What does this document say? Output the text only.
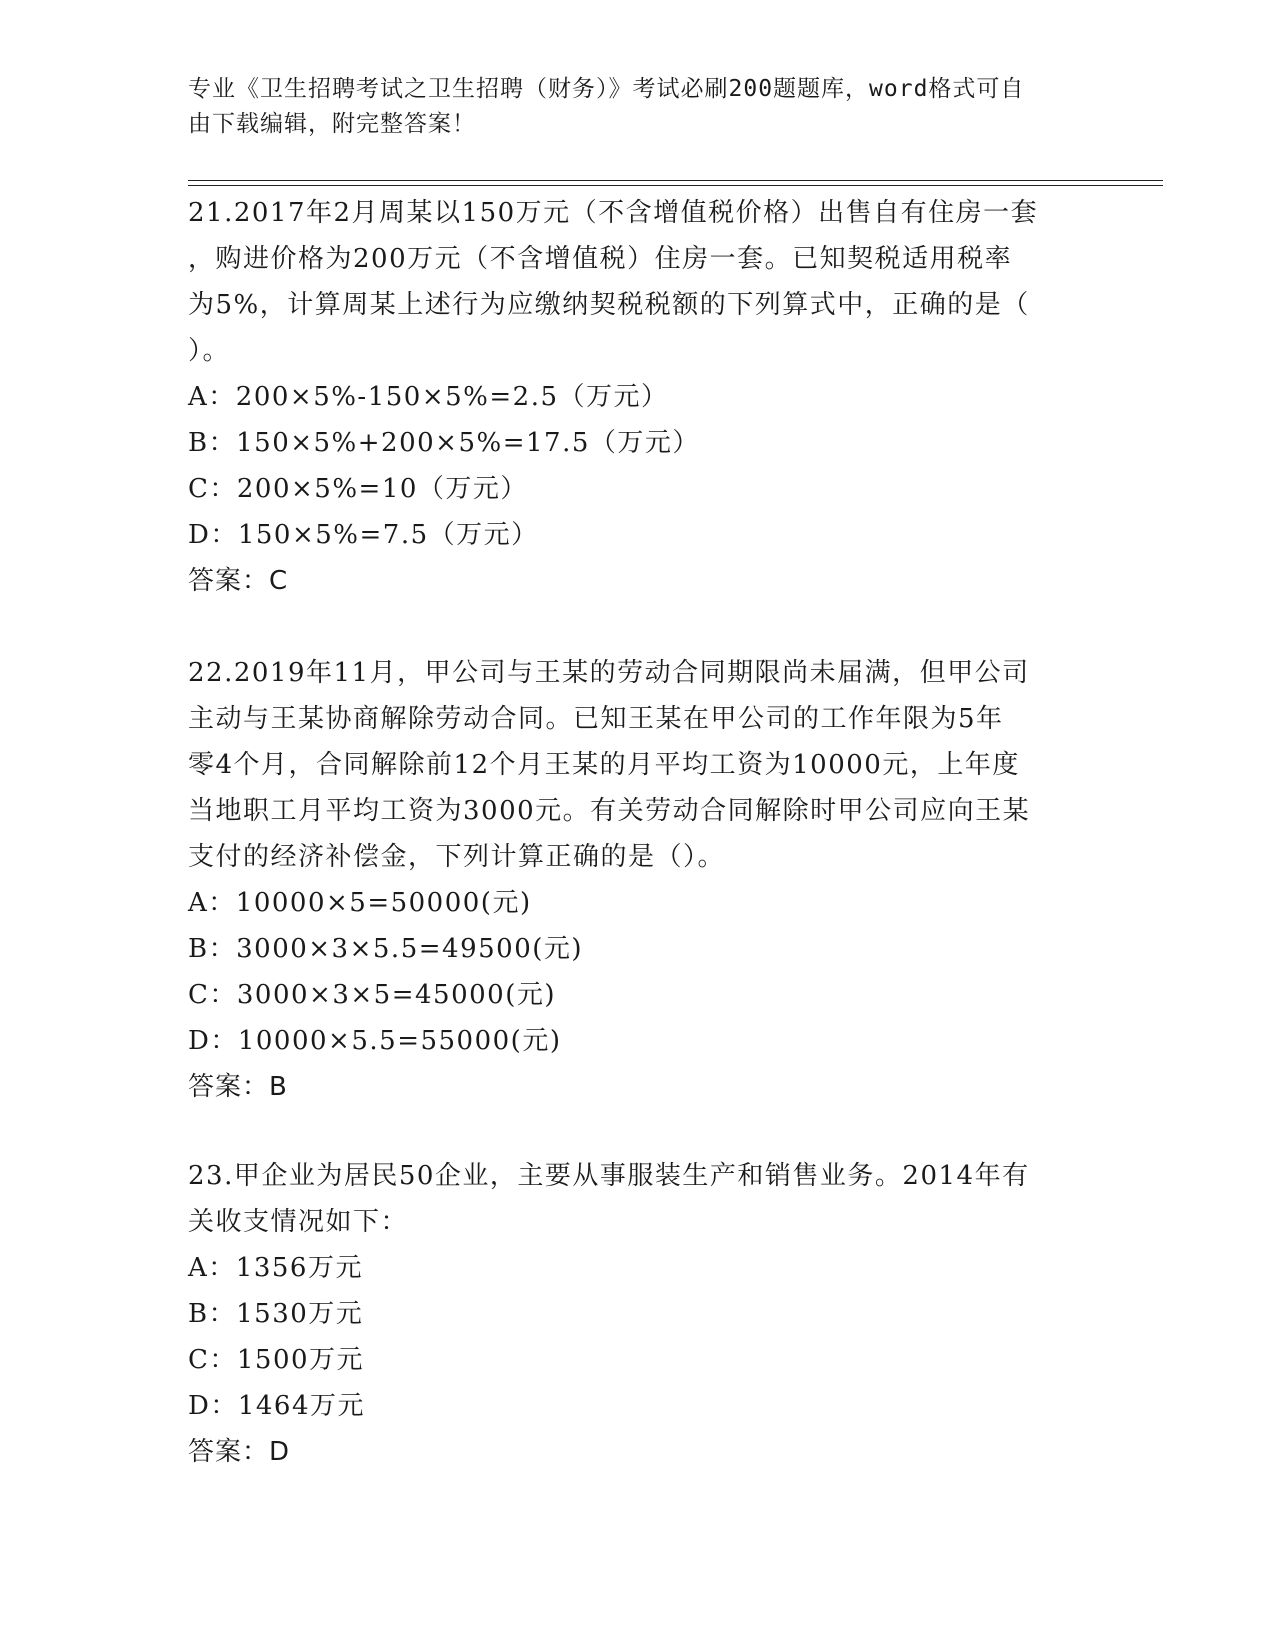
专业《卫生招聘考试之卫生招聘（财务）》考试必刷200题题库，word格式可自
由下载编辑，附完整答案！

21.2017年2月周某以150万元（不含增值税价格）出售自有住房一套

，购进价格为200万元（不含增值税）住房一套。已知契税适用税率

为5%，计算周某上述行为应缴纳契税税额的下列算式中，正确的是（

）。

A：200×5%-150×5%=2.5（万元）

B：150×5%+200×5%=17.5（万元）

C：200×5%=10（万元）

D：150×5%=7.5（万元）

答案：C

22.2019年11月，甲公司与王某的劳动合同期限尚未届满，但甲公司

主动与王某协商解除劳动合同。已知王某在甲公司的工作年限为5年

零4个月，合同解除前12个月王某的月平均工资为10000元，上年度

当地职工月平均工资为3000元。有关劳动合同解除时甲公司应向王某

支付的经济补偿金，下列计算正确的是（）。

A：10000×5=50000(元)

B：3000×3×5.5=49500(元)

C：3000×3×5=45000(元)

D：10000×5.5=55000(元)

答案：B

23.甲企业为居民50企业，主要从事服装生产和销售业务。2014年有

关收支情况如下：

A：1356万元

B：1530万元

C：1500万元

D：1464万元

答案：D
